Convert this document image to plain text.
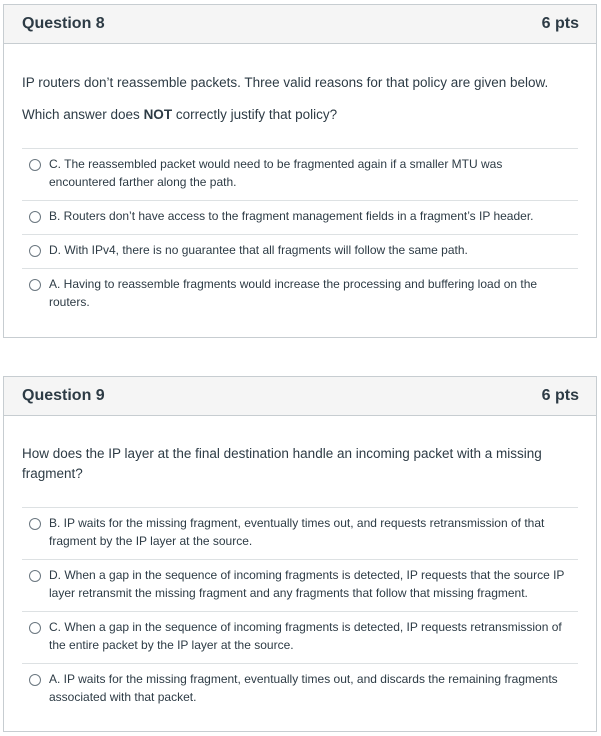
Question 8	6 pts

IP routers don’t reassemble packets. Three valid reasons for that policy are given below.

Which answer does NOT correctly justify that policy?

C. The reassembled packet would need to be fragmented again if a smaller MTU was encountered farther along the path.
B. Routers don’t have access to the fragment management fields in a fragment’s IP header.
D. With IPv4, there is no guarantee that all fragments will follow the same path.
A. Having to reassemble fragments would increase the processing and buffering load on the routers.
Question 9	6 pts

How does the IP layer at the final destination handle an incoming packet with a missing fragment?

B. IP waits for the missing fragment, eventually times out, and requests retransmission of that fragment by the IP layer at the source.
D. When a gap in the sequence of incoming fragments is detected, IP requests that the source IP layer retransmit the missing fragment and any fragments that follow that missing fragment.
C. When a gap in the sequence of incoming fragments is detected, IP requests retransmission of the entire packet by the IP layer at the source.
A. IP waits for the missing fragment, eventually times out, and discards the remaining fragments associated with that packet.
